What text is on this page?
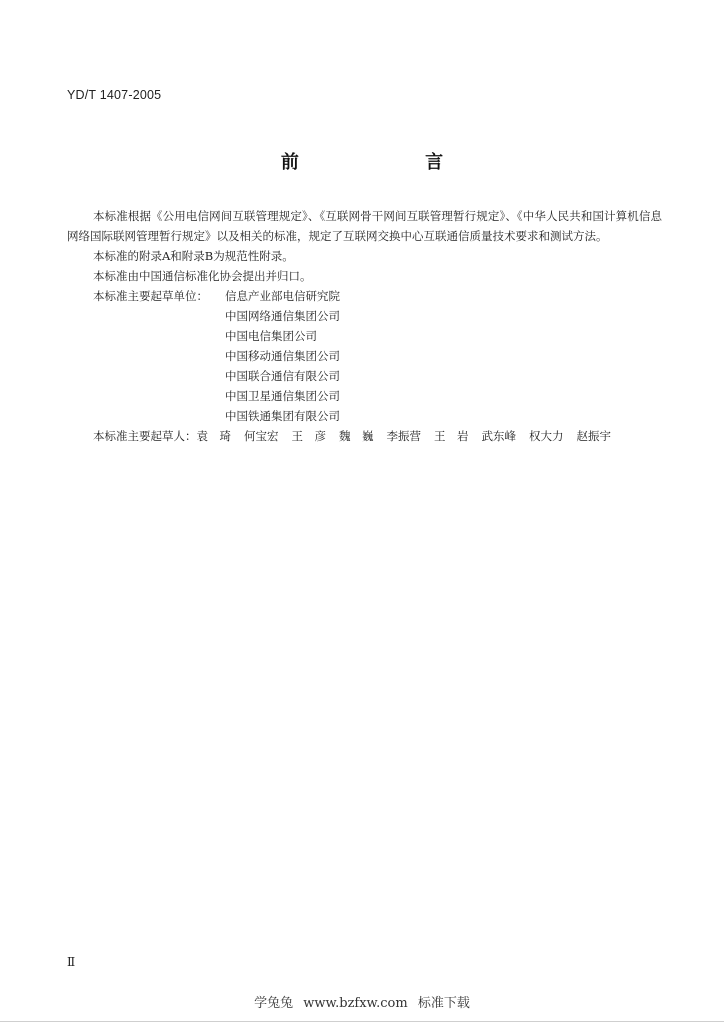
YD/T 1407-2005
前 言

本标准根据《公用电信网间互联管理规定》、《互联网骨干网间互联管理暂行规定》、《中华人民共和国计算机信息网络国际联网管理暂行规定》以及相关的标准，规定了互联网交换中心互联通信质量技术要求和测试方法。

本标准的附录A和附录B为规范性附录。

本标准由中国通信标准化协会提出并归口。

本标准主要起草单位：	信息产业部电信研究院
中国网络通信集团公司
中国电信集团公司
中国移动通信集团公司
中国联合通信有限公司
中国卫星通信集团公司
中国铁通集团有限公司
本标准主要起草人：袁　琦 何宝宏 王　彦 魏　巍 李振营 王　岩 武东峰 权大力 赵振宇
Ⅱ
学兔兔 www.bzfxw.com 标准下载
